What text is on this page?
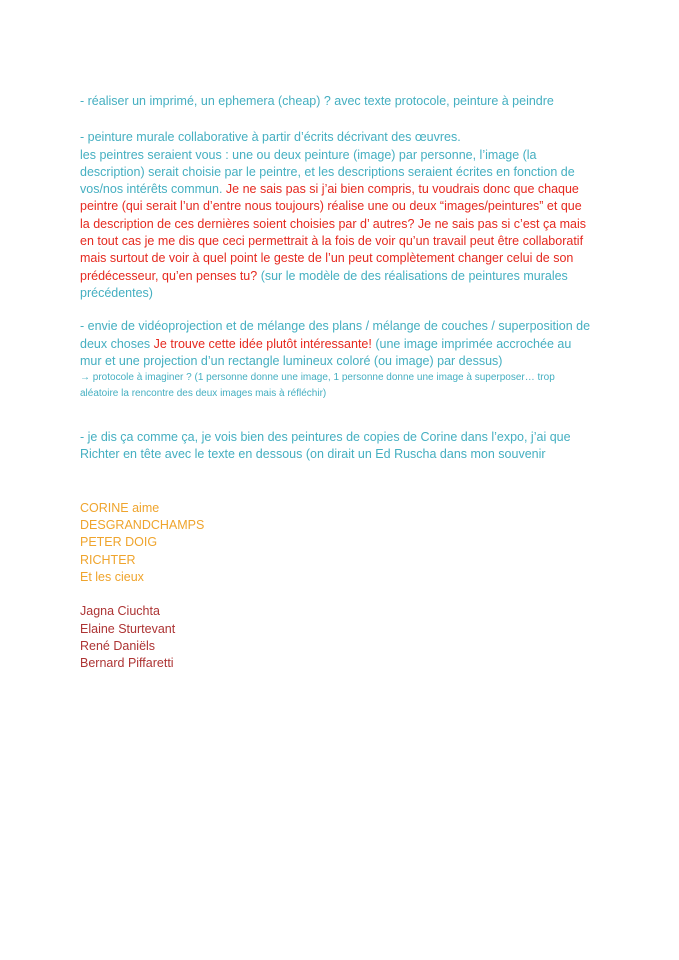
- réaliser un imprimé, un ephemera (cheap) ? avec texte protocole, peinture à peindre
- peinture murale collaborative à partir d’écrits décrivant des œuvres.
les peintres seraient vous : une ou deux peinture (image) par personne, l’image (la
description) serait choisie par le peintre, et les descriptions seraient écrites en fonction de
vos/nos intérêts commun. Je ne sais pas si j’ai bien compris, tu voudrais donc que chaque
peintre (qui serait l’un d’entre nous toujours) réalise une ou deux “images/peintures” et que
la description de ces dernières soient choisies par d’ autres? Je ne sais pas si c’est ça mais
en tout cas je me dis que ceci permettrait à la fois de voir qu’un travail peut être collaboratif
mais surtout de voir à quel point le geste de l’un peut complètement changer celui de son
prédécesseur, qu’en penses tu? (sur le modèle de des réalisations de peintures murales
précédentes)
- envie de vidéoprojection et de mélange des plans / mélange de couches / superposition de
deux choses Je trouve cette idée plutôt intéressante! (une image imprimée accrochée au
mur et une projection d’un rectangle lumineux coloré (ou image) par dessus)
→ protocole à imaginer ? (1 personne donne une image, 1 personne donne une image à superposer… trop
aléatoire la rencontre des deux images mais à réfléchir)
- je dis ça comme ça, je vois bien des peintures de copies de Corine dans l’expo, j’ai que
Richter en tête avec le texte en dessous (on dirait un Ed Ruscha dans mon souvenir
CORINE aime
DESGRANDCHAMPS
PETER DOIG
RICHTER
Et les cieux
Jagna Ciuchta
Elaine Sturtevant
René Daniëls
Bernard Piffaretti
